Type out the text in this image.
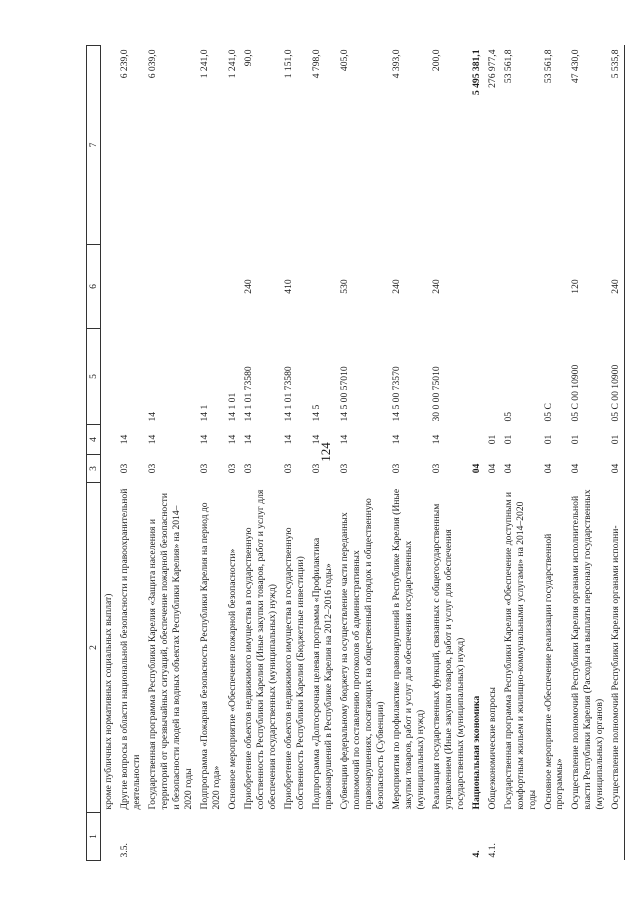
124
1	2	3	4	5	6	7
	кроме публичных нормативных социальных выплат)					
3.5.	Другие вопросы в области национальной безопасности и правоохранительной деятельности	03	14			6 239,0
	Государственная программа Республики Карелия «Защита населения и территорий от чрезвычайных ситуаций, обеспечение пожарной безопасности и безопасности людей на водных объектах Республики Карелия» на 2014–2020 годы	03	14	14		6 039,0
	Подпрограмма «Пожарная безопасность Республики Карелия на период до 2020 года»	03	14	14 1		1 241,0
	Основное мероприятие «Обеспечение пожарной безопасности»	03	14	14 1 01		1 241,0
	Приобретение объектов недвижимого имущества в государственную собственность Республики Карелия (Иные закупки товаров, работ и услуг для обеспечения государственных (муниципальных) нужд)	03	14	14 1 01 73580	240	90,0
	Приобретение объектов недвижимого имущества в государственную собственность Республики Карелия (Бюджетные инвестиции)	03	14	14 1 01 73580	410	1 151,0
	Подпрограмма «Долгосрочная целевая программа «Профилактика правонарушений в Республике Карелия на 2012–2016 годы»	03	14	14 5		4 798,0
	Субвенции федеральному бюджету на осуществление части переданных полномочий по составлению протоколов об административных правонарушениях, посягающих на общественный порядок и общественную безопасность (Субвенции)	03	14	14 5 00 57010	530	405,0
	Мероприятия по профилактике правонарушений в Республике Карелия (Иные закупки товаров, работ и услуг для обеспечения государственных (муниципальных) нужд)	03	14	14 5 00 73570	240	4 393,0
	Реализация государственных функций, связанных с общегосударственным управлением (Иные закупки товаров, работ и услуг для обеспечения государственных (муниципальных) нужд)	03	14	30 0 00 75010	240	200,0
4.	Национальная экономика	04				5 495 381,1
4.1.	Общеэкономические вопросы	04	01			276 977,4
	Государственная программа Республики Карелия «Обеспечение доступным и комфортным жильем и жилищно-коммунальными услугами» на 2014–2020 годы	04	01	05		53 561,8
	Основное мероприятие «Обеспечение реализации государственной программы»	04	01	05 С		53 561,8
	Осуществление полномочий Республики Карелия органами исполнительной власти Республики Карелия (Расходы на выплаты персоналу государственных (муниципальных) органов)	04	01	05 С 00 10900	120	47 430,0
	Осуществление полномочий Республики Карелия органами исполни-	04	01	05 С 00 10900	240	5 535,8
